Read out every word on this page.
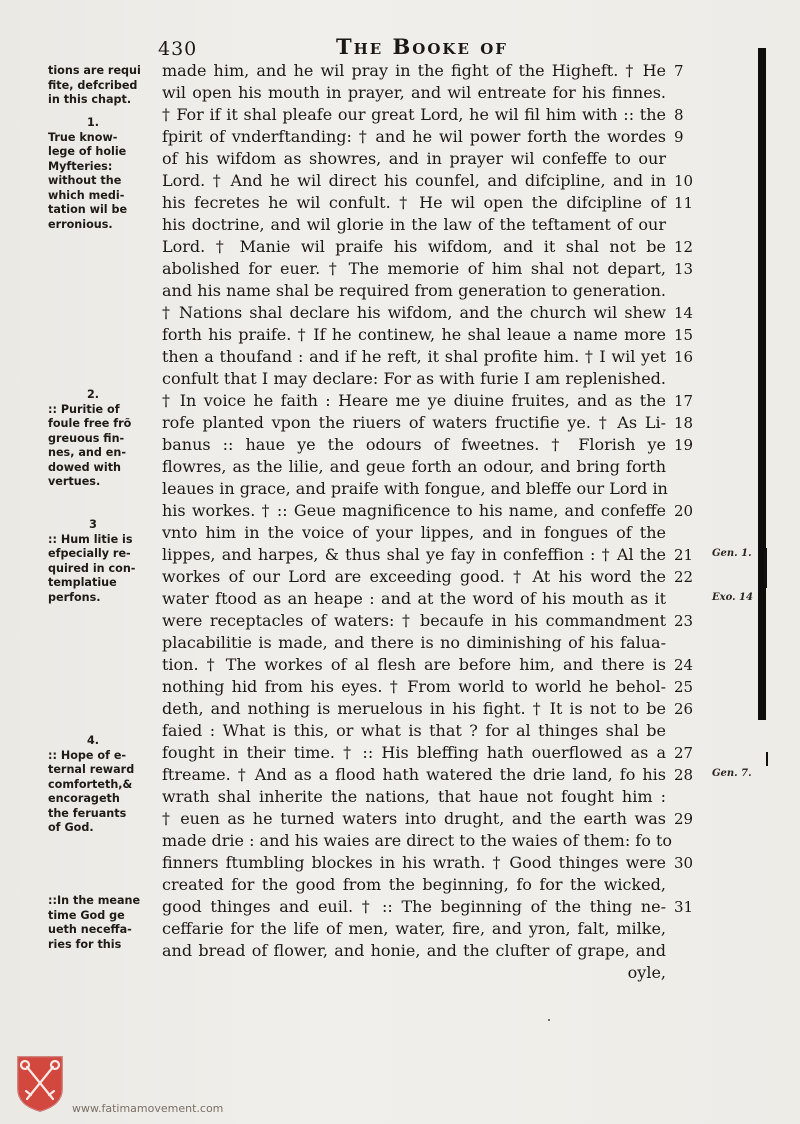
430	The Booke of
tions are requi
fite, defcribed
in this chapt.
1.
True know-
lege of holie
Myfteries:
without the
which medi-
tation wil be
erronious.
2.
:: Puritie of
foule free frõ
greuous fin-
nes, and en-
dowed with
vertues.
3
:: Hum litie is
efpecially re-
quired in con-
templatiue
perfons.
4.
:: Hope of e-
ternal reward
comforteth,&
encorageth
the feruants
of God.
::In the meane
time God ge
ueth neceffa-
ries for this
made him, and he wil pray in the fight of the Higheft. † He
wil open his mouth in prayer, and wil entreate for his finnes.
† For if it shal pleafe our great Lord, he wil fil him with :: the
fpirit of vnderftanding: † and he wil power forth the wordes
of his wifdom as showres, and in prayer wil confeffe to our
Lord. † And he wil direct his counfel, and difcipline, and in
his fecretes he wil confult. † He wil open the difcipline of
his doctrine, and wil glorie in the law of the teftament of our
Lord. † Manie wil praife his wifdom, and it shal not be
abolished for euer. † The memorie of him shal not depart,
and his name shal be required from generation to generation.
† Nations shal declare his wifdom, and the church wil shew
forth his praife. † If he continew, he shal leaue a name more
then a thoufand : and if he reft, it shal profite him. † I wil yet
confult that I may declare: For as with furie I am replenished.
† In voice he faith : Heare me ye diuine fruites, and as the
rofe planted vpon the riuers of waters fructifie ye. † As Li-
banus :: haue ye the odours of fweetnes. † Florish ye
flowres, as the lilie, and geue forth an odour, and bring forth
leaues in grace, and praife with fongue, and bleffe our Lord in
his workes. † :: Geue magnificence to his name, and confeffe
vnto him in the voice of your lippes, and in fongues of the
lippes, and harpes, & thus shal ye fay in confeffion : † Al the
workes of our Lord are exceeding good. † At his word the
water ftood as an heape : and at the word of his mouth as it
were receptacles of waters: † becaufe in his commandment
placabilitie is made, and there is no diminishing of his falua-
tion. † The workes of al flesh are before him, and there is
nothing hid from his eyes. † From world to world he behol-
deth, and nothing is meruelous in his fight. † It is not to be
faied : What is this, or what is that ? for al thinges shal be
fought in their time. † :: His bleffing hath ouerflowed as a
ftreame. † And as a flood hath watered the drie land, fo his
wrath shal inherite the nations, that haue not fought him :
† euen as he turned waters into drught, and the earth was
made drie : and his waies are direct to the waies of them: fo to
finners ftumbling blockes in his wrath. † Good thinges were
created for the good from the beginning, fo for the wicked,
good thinges and euil. † :: The beginning of the thing ne-
ceffarie for the life of men, water, fire, and yron, falt, milke,
and bread of flower, and honie, and the clufter of grape, and
oyle,
7
8
9
10
11
12
13
14
15
16
17
18
19
20
21
22
23
24
25
26
27
28
29
30
31
Gen. 1.
Exo. 14
Gen. 7.
www.fatimamovement.com
